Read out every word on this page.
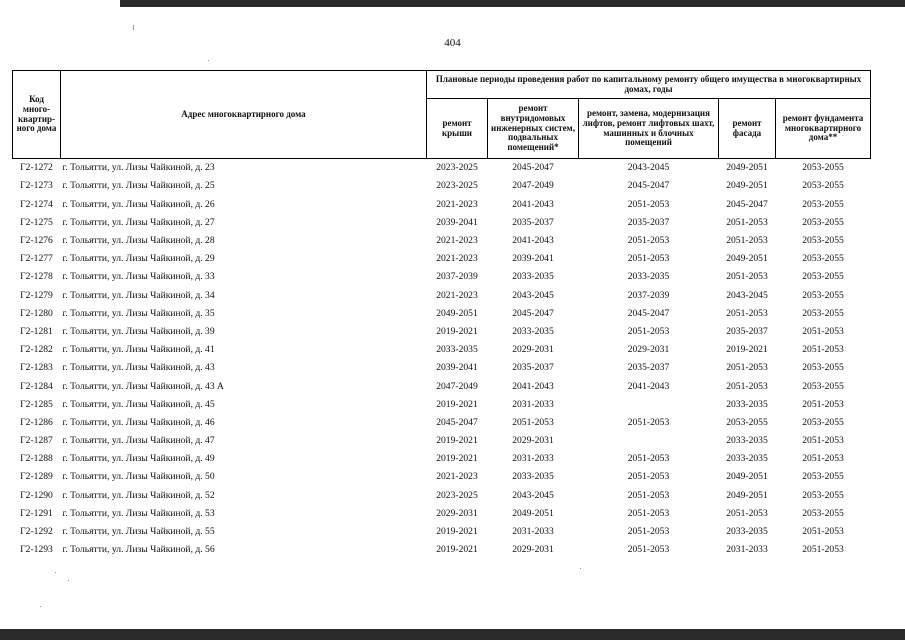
404
Код много-квартир-ного дома	Адрес многоквартирного дома	Плановые периоды проведения работ по капитальному ремонту общего имущества в многоквартирных домах, годы				
		ремонт крыши	ремонт внутридомовых инженерных систем, подвальных помещений*	ремонт, замена, модернизация лифтов, ремонт лифтовых шахт, машинных и блочных помещений	ремонт фасада	ремонт фундамента многоквартирного дома**
Г2-1272	г. Тольятти, ул. Лизы Чайкиной, д. 23	2023-2025	2045-2047	2043-2045	2049-2051	2053-2055
Г2-1273	г. Тольятти, ул. Лизы Чайкиной, д. 25	2023-2025	2047-2049	2045-2047	2049-2051	2053-2055
Г2-1274	г. Тольятти, ул. Лизы Чайкиной, д. 26	2021-2023	2041-2043	2051-2053	2045-2047	2053-2055
Г2-1275	г. Тольятти, ул. Лизы Чайкиной, д. 27	2039-2041	2035-2037	2035-2037	2051-2053	2053-2055
Г2-1276	г. Тольятти, ул. Лизы Чайкиной, д. 28	2021-2023	2041-2043	2051-2053	2051-2053	2053-2055
Г2-1277	г. Тольятти, ул. Лизы Чайкиной, д. 29	2021-2023	2039-2041	2051-2053	2049-2051	2053-2055
Г2-1278	г. Тольятти, ул. Лизы Чайкиной, д. 33	2037-2039	2033-2035	2033-2035	2051-2053	2053-2055
Г2-1279	г. Тольятти, ул. Лизы Чайкиной, д. 34	2021-2023	2043-2045	2037-2039	2043-2045	2053-2055
Г2-1280	г. Тольятти, ул. Лизы Чайкиной, д. 35	2049-2051	2045-2047	2045-2047	2051-2053	2053-2055
Г2-1281	г. Тольятти, ул. Лизы Чайкиной, д. 39	2019-2021	2033-2035	2051-2053	2035-2037	2051-2053
Г2-1282	г. Тольятти, ул. Лизы Чайкиной, д. 41	2033-2035	2029-2031	2029-2031	2019-2021	2051-2053
Г2-1283	г. Тольятти, ул. Лизы Чайкиной, д. 43	2039-2041	2035-2037	2035-2037	2051-2053	2053-2055
Г2-1284	г. Тольятти, ул. Лизы Чайкиной, д. 43 А	2047-2049	2041-2043	2041-2043	2051-2053	2053-2055
Г2-1285	г. Тольятти, ул. Лизы Чайкиной, д. 45	2019-2021	2031-2033		2033-2035	2051-2053
Г2-1286	г. Тольятти, ул. Лизы Чайкиной, д. 46	2045-2047	2051-2053	2051-2053	2053-2055	2053-2055
Г2-1287	г. Тольятти, ул. Лизы Чайкиной, д. 47	2019-2021	2029-2031		2033-2035	2051-2053
Г2-1288	г. Тольятти, ул. Лизы Чайкиной, д. 49	2019-2021	2031-2033	2051-2053	2033-2035	2051-2053
Г2-1289	г. Тольятти, ул. Лизы Чайкиной, д. 50	2021-2023	2033-2035	2051-2053	2049-2051	2053-2055
Г2-1290	г. Тольятти, ул. Лизы Чайкиной, д. 52	2023-2025	2043-2045	2051-2053	2049-2051	2053-2055
Г2-1291	г. Тольятти, ул. Лизы Чайкиной, д. 53	2029-2031	2049-2051	2051-2053	2051-2053	2053-2055
Г2-1292	г. Тольятти, ул. Лизы Чайкиной, д. 55	2019-2021	2031-2033	2051-2053	2033-2035	2051-2053
Г2-1293	г. Тольятти, ул. Лизы Чайкиной, д. 56	2019-2021	2029-2031	2051-2053	2031-2033	2051-2053
